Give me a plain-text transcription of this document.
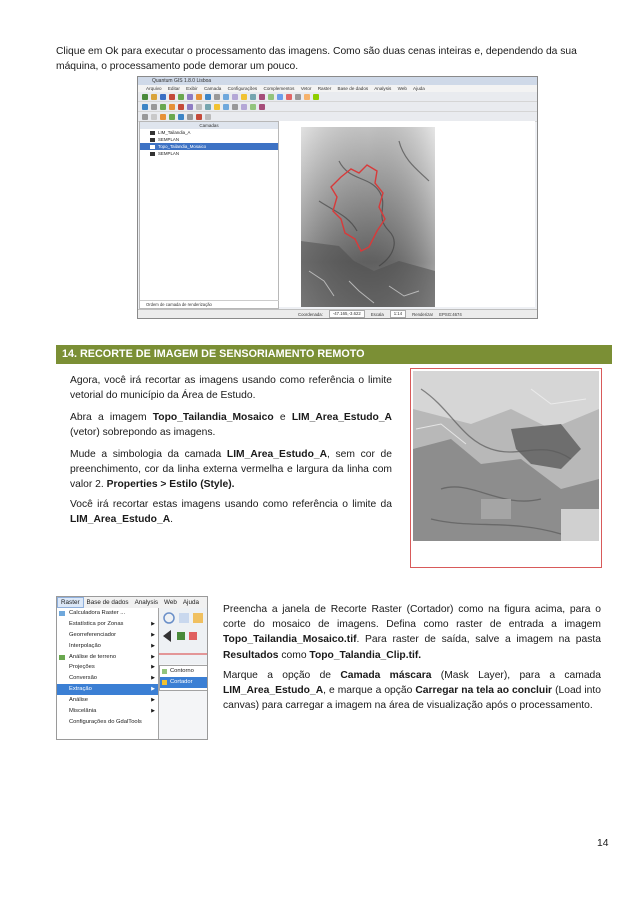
Clique em Ok para executar o processamento das imagens. Como são duas cenas inteiras e, dependendo da sua máquina, o processamento pode demorar um pouco.
Quantum GIS 1.8.0 Lisboa
Arquivo Editar Exibir Camada Configurações Complementos Vetor Raster Base de dados Analysis Web Ajuda
Camadas
LIM_Tailandia_A
SEMPLAN
Topo_Tailandia_Mosaico
SEMPLAN
Ordem de camada de renderização
Coordenada:	-47.165,-3.622	Escala	1:14	Renderizar EPSG:4674
14. RECORTE DE IMAGEM DE SENSORIAMENTO REMOTO
Agora, você irá recortar as imagens usando como referência o limite vetorial do município da Área de Estudo.
Abra a imagem Topo_Tailandia_Mosaico e LIM_Area_Estudo_A (vetor) sobrepondo as imagens.
Mude a simbologia da camada LIM_Area_Estudo_A, sem cor de preenchimento, cor da linha externa vermelha e largura da linha com valor 2. Properties > Estilo (Style).
Você irá recortar estas imagens usando como referência o limite da LIM_Area_Estudo_A.
Raster Base de dados Analysis Web Ajuda
Calculadora Raster ...
Estatística por Zonas	▶
Georreferenciador	▶
Interpolação	▶
Análise de terreno	▶
Projeções	▶
Conversão	▶
Extração	▶
Análise	▶
Miscelânia	▶
Configurações do GdalTools
Contorno
Cortador
Preencha a janela de Recorte Raster (Cortador) como na figura acima, para o corte do mosaico de imagens. Defina como raster de entrada a imagem Topo_Tailandia_Mosaico.tif. Para raster de saída, salve a imagem na pasta Resultados como Topo_Talandia_Clip.tif.
Marque a opção de Camada máscara (Mask Layer), para a camada LIM_Area_Estudo_A, e marque a opção Carregar na tela ao concluir (Load into canvas) para carregar a imagem na área de visualização após o processamento.
14
